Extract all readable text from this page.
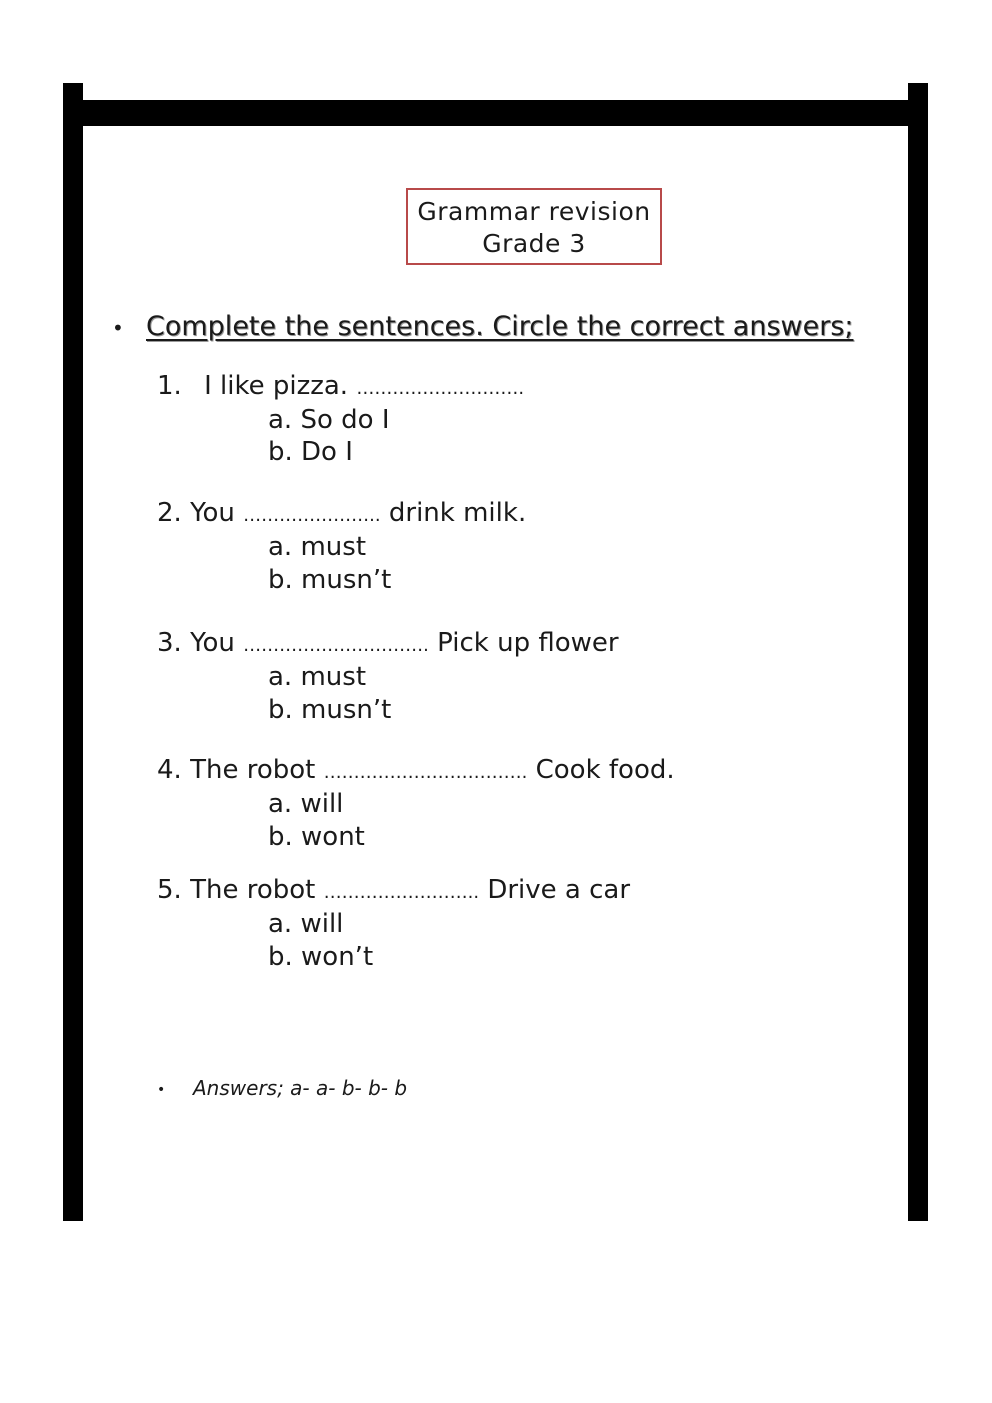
Grammar revision
Grade 3
• Complete the sentences. Circle the correct answers;
1. I like pizza. ……………………….
a. So do I
b. Do I
2. You ………………….. drink milk.
a. must
b. musn’t
3. You …………………………. Pick up flower
a. must
b. musn’t
4. The robot ……………………………. Cook food.
a. will
b. wont
5. The robot …………………….. Drive a car
a. will
b. won’t
• Answers; a- a- b- b- b
